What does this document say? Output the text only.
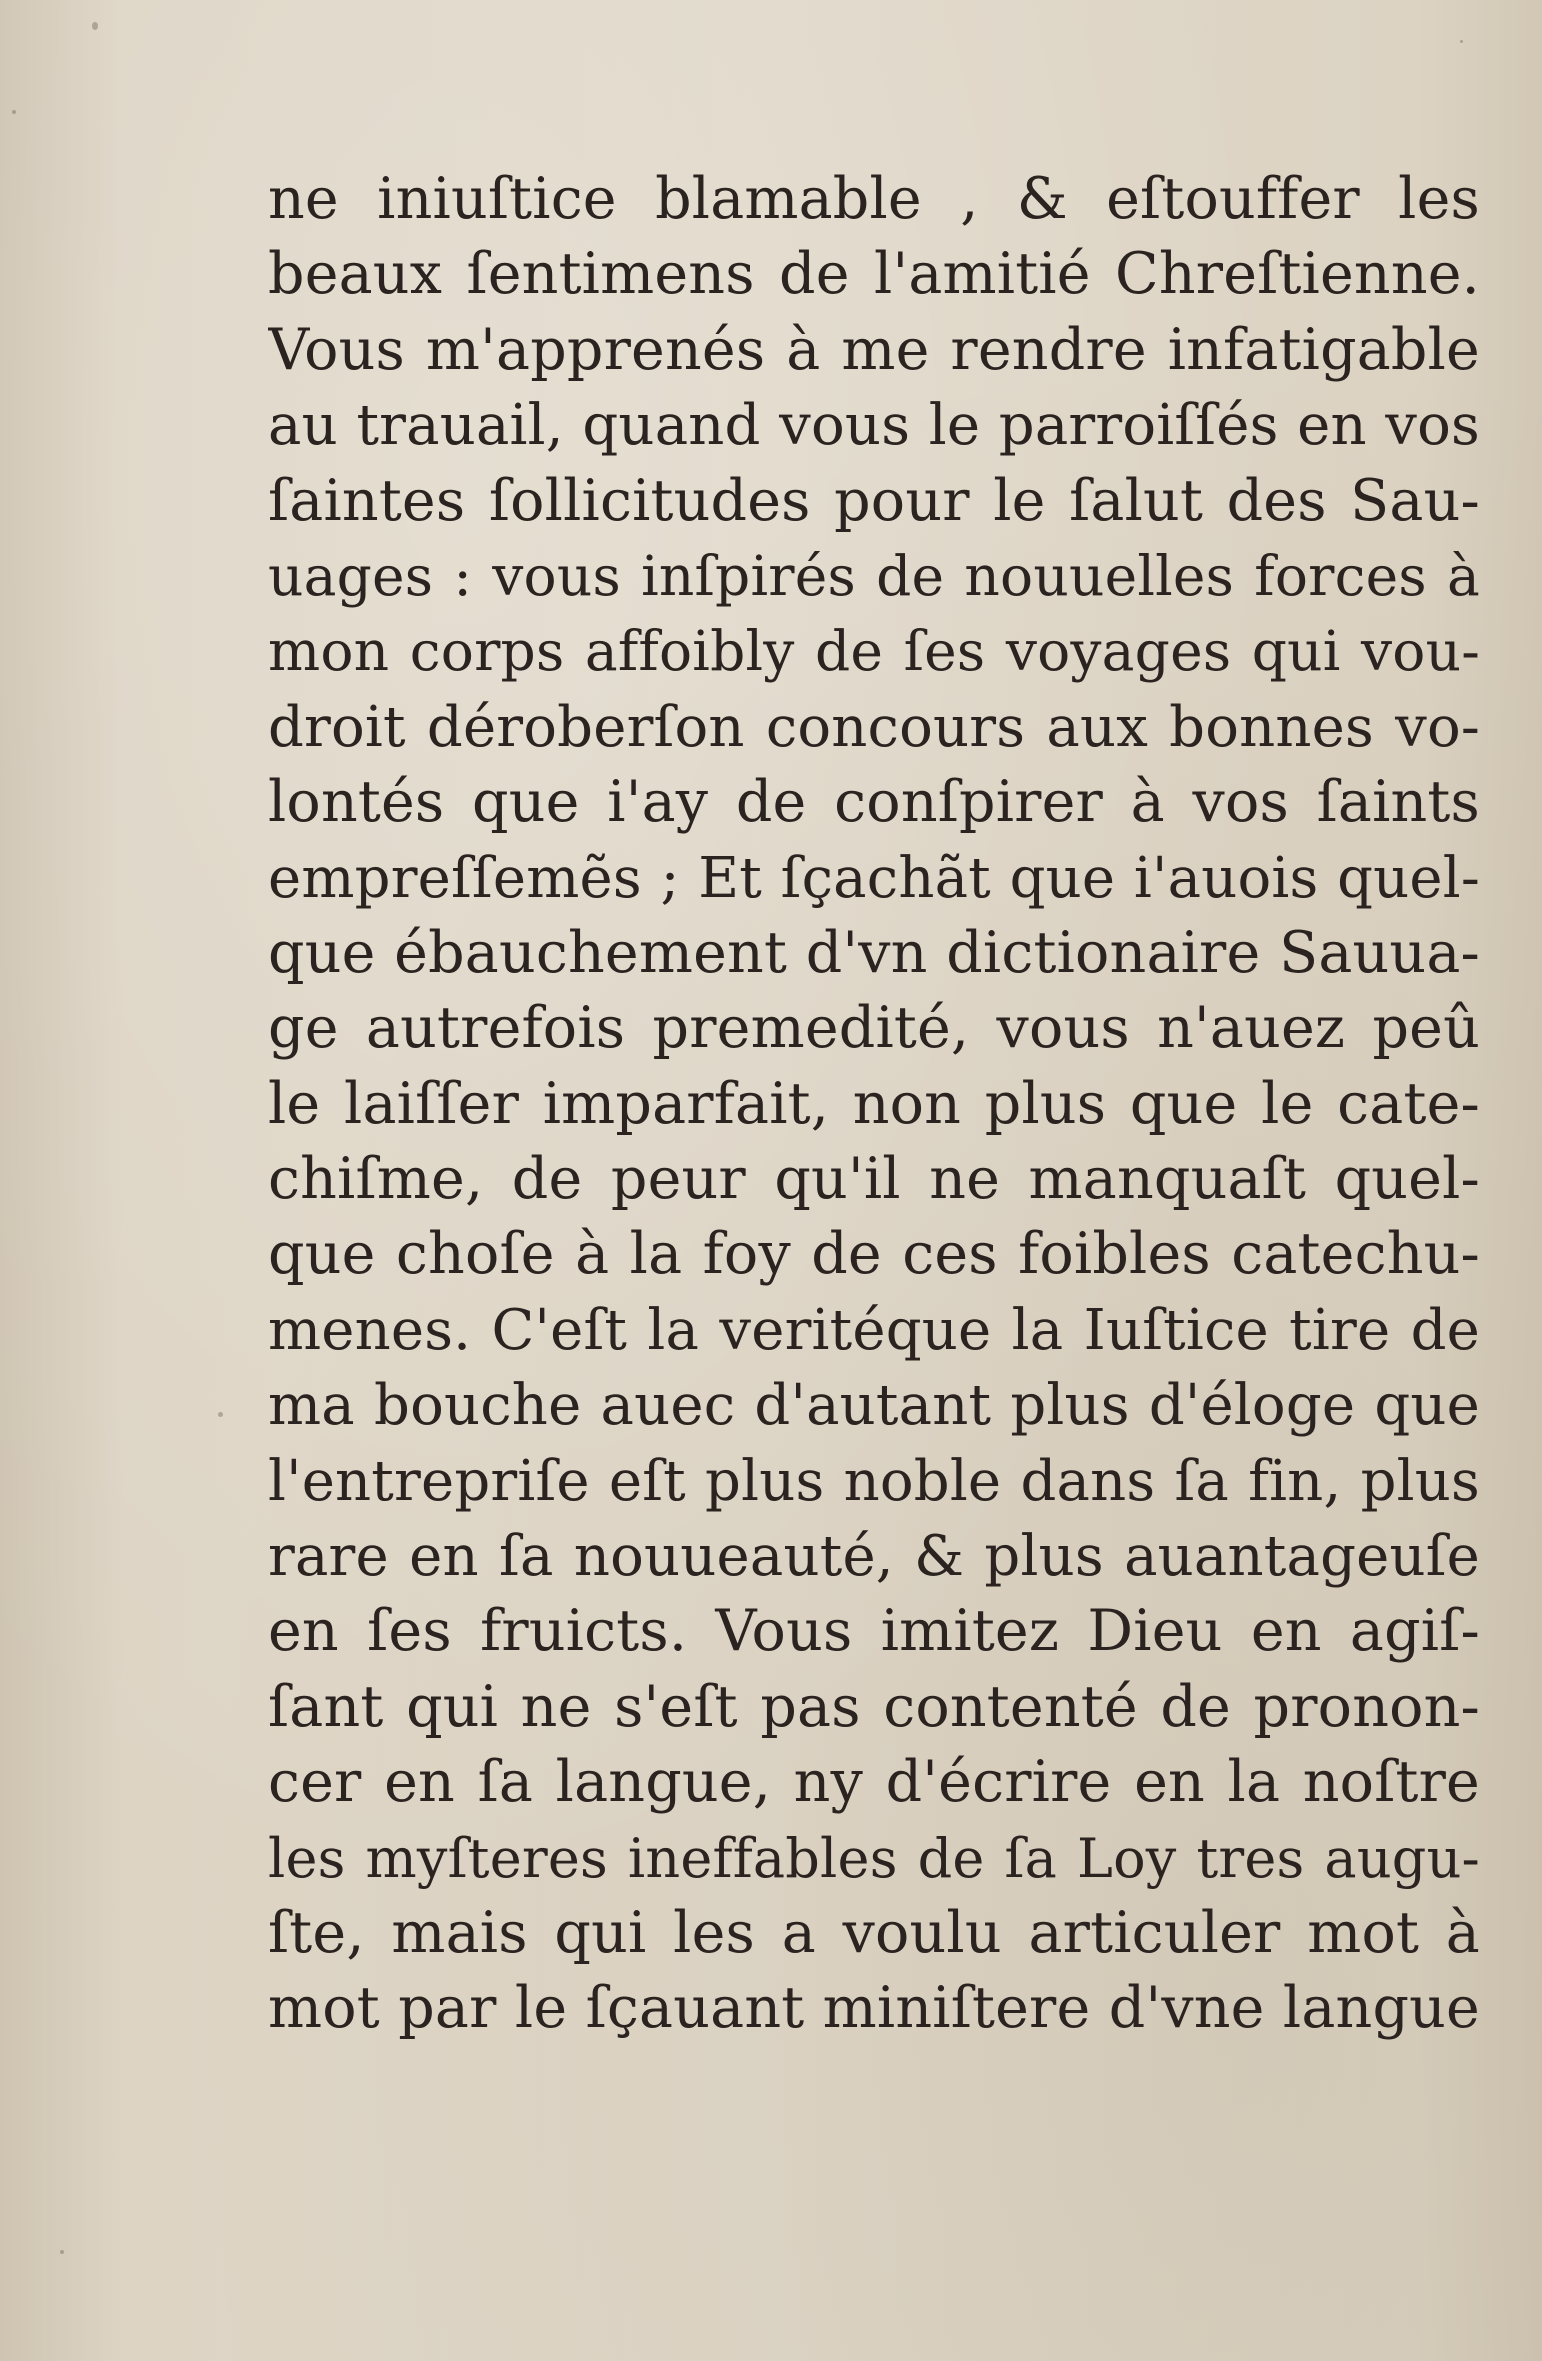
ne iniuſtice blamable , & eſtouffer les
beaux ſentimens de l'amitié Chreſtienne.
Vous m'apprenés à me rendre infatigable
au trauail, quand vous le parroiſſés en vos
ſaintes ſollicitudes pour le ſalut des Sau-
uages : vous inſpirés de nouuelles forces à
mon corps affoibly de ſes voyages qui vou-
droit déroberſon concours aux bonnes vo-
lontés que i'ay de conſpirer à vos ſaints
empreſſemẽs ; Et ſçachãt que i'auois quel-
que ébauchement d'vn dictionaire Sauua-
ge autrefois premedité, vous n'auez peû
le laiſſer imparfait, non plus que le cate-
chiſme, de peur qu'il ne manquaſt quel-
que choſe à la foy de ces foibles catechu-
menes. C'eſt la veritéque la Iuſtice tire de
ma bouche auec d'autant plus d'éloge que
l'entrepriſe eſt plus noble dans ſa fin, plus
rare en ſa nouueauté, & plus auantageuſe
en ſes fruicts. Vous imitez Dieu en agiſ-
ſant qui ne s'eſt pas contenté de pronon-
cer en ſa langue, ny d'écrire en la noſtre
les myſteres ineffables de ſa Loy tres augu-
ſte, mais qui les a voulu articuler mot à
mot par le ſçauant miniſtere d'vne langue
